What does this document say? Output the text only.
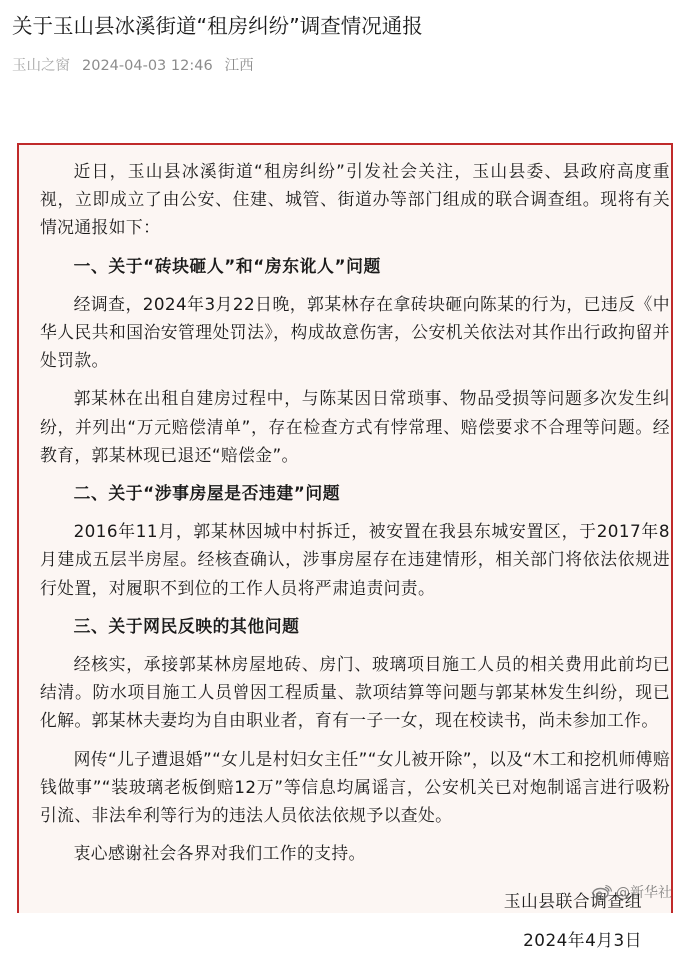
关于玉山县冰溪街道“租房纠纷”调查情况通报
玉山之窗 2024-04-03 12:46 江西

近日，玉山县冰溪街道“租房纠纷”引发社会关注，玉山县委、县政府高度重视，立即成立了由公安、住建、城管、街道办等部门组成的联合调查组。现将有关情况通报如下：

一、关于“砖块砸人”和“房东讹人”问题

经调查，2024年3月22日晚，郭某林存在拿砖块砸向陈某的行为，已违反《中华人民共和国治安管理处罚法》，构成故意伤害，公安机关依法对其作出行政拘留并处罚款。

郭某林在出租自建房过程中，与陈某因日常琐事、物品受损等问题多次发生纠纷，并列出“万元赔偿清单”，存在检查方式有悖常理、赔偿要求不合理等问题。经教育，郭某林现已退还“赔偿金”。

二、关于“涉事房屋是否违建”问题

2016年11月，郭某林因城中村拆迁，被安置在我县东城安置区，于2017年8月建成五层半房屋。经核查确认，涉事房屋存在违建情形，相关部门将依法依规进行处置，对履职不到位的工作人员将严肃追责问责。

三、关于网民反映的其他问题

经核实，承接郭某林房屋地砖、房门、玻璃项目施工人员的相关费用此前均已结清。防水项目施工人员曾因工程质量、款项结算等问题与郭某林发生纠纷，现已化解。郭某林夫妻均为自由职业者，育有一子一女，现在校读书，尚未参加工作。

网传“儿子遭退婚”“女儿是村妇女主任”“女儿被开除”，以及“木工和挖机师傅赔钱做事”“装玻璃老板倒赔12万”等信息均属谣言，公安机关已对炮制谣言进行吸粉引流、非法牟利等行为的违法人员依法依规予以查处。

衷心感谢社会各界对我们工作的支持。

玉山县联合调查组

2024年4月3日

@新华社
